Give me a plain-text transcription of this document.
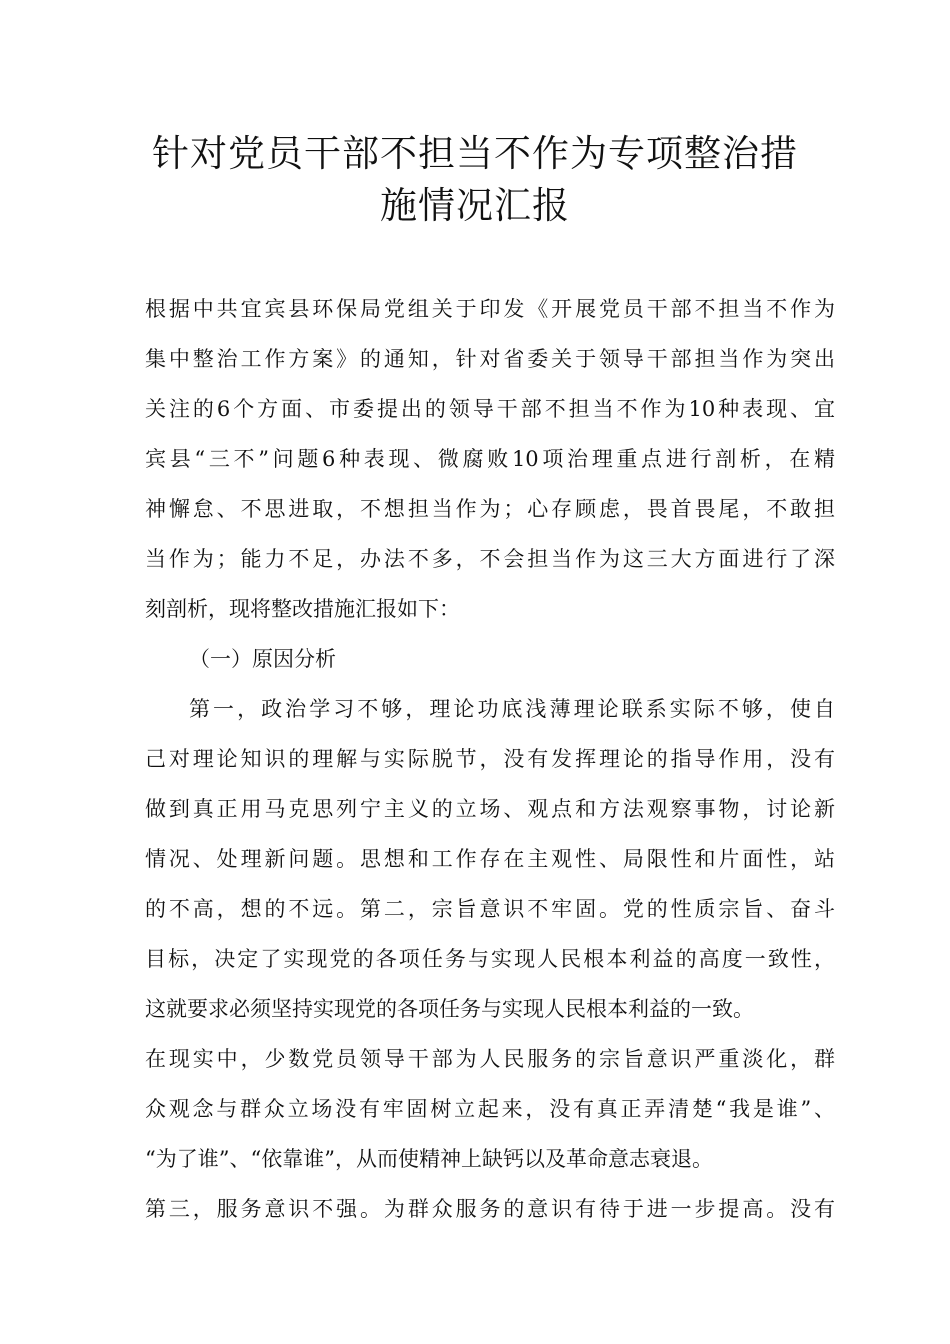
针对党员干部不担当不作为专项整治措
施情况汇报
根据中共宜宾县环保局党组关于印发《开展党员干部不担当不作为
集中整治工作方案》的通知，针对省委关于领导干部担当作为突出
关注的6个方面、市委提出的领导干部不担当不作为10种表现、宜
宾县“三不”问题6种表现、微腐败10项治理重点进行剖析，在精
神懈怠、不思进取，不想担当作为；心存顾虑，畏首畏尾，不敢担
当作为；能力不足，办法不多，不会担当作为这三大方面进行了深
刻剖析，现将整改措施汇报如下：
（一）原因分析
第一，政治学习不够，理论功底浅薄理论联系实际不够，使自
己对理论知识的理解与实际脱节，没有发挥理论的指导作用，没有
做到真正用马克思列宁主义的立场、观点和方法观察事物，讨论新
情况、处理新问题。思想和工作存在主观性、局限性和片面性，站
的不高，想的不远。第二，宗旨意识不牢固。党的性质宗旨、奋斗
目标，决定了实现党的各项任务与实现人民根本利益的高度一致性，
这就要求必须坚持实现党的各项任务与实现人民根本利益的一致。
在现实中，少数党员领导干部为人民服务的宗旨意识严重淡化，群
众观念与群众立场没有牢固树立起来，没有真正弄清楚“我是谁”、
“为了谁”、“依靠谁”，从而使精神上缺钙以及革命意志衰退。
第三，服务意识不强。为群众服务的意识有待于进一步提高。没有
